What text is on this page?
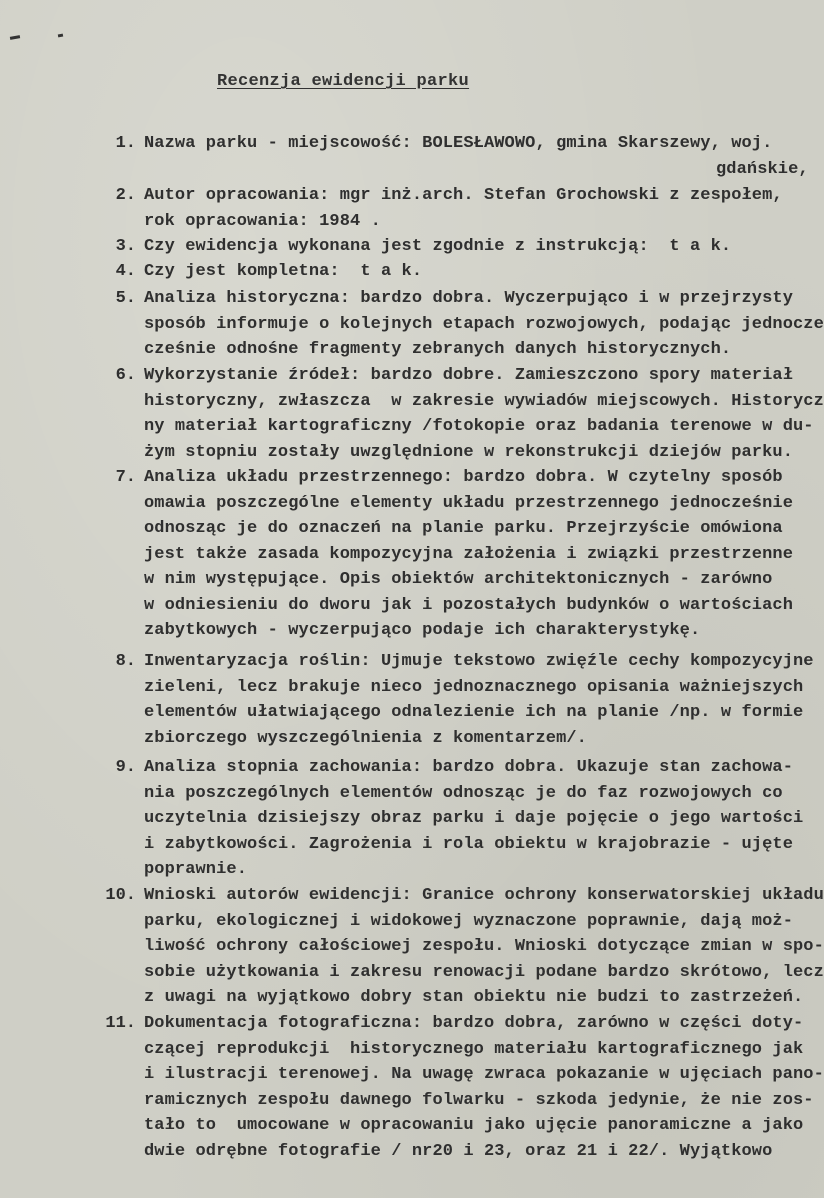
Recenzja ewidencji parku
1. Nazwa parku - miejscowość: BOLESŁAWOWO, gmina Skarszewy, woj.
gdańskie,
2. Autor opracowania: mgr inż.arch. Stefan Grochowski z zespołem,
rok opracowania: 1984 .
3. Czy ewidencja wykonana jest zgodnie z instrukcją:  t a k.
4. Czy jest kompletna:  t a k.
5. Analiza historyczna: bardzo dobra. Wyczerpująco i w przejrzysty
sposób informuje o kolejnych etapach rozwojowych, podając jednocze
cześnie odnośne fragmenty zebranych danych historycznych.
6. Wykorzystanie źródeł: bardzo dobre. Zamieszczono spory materiał
historyczny, zwłaszcza  w zakresie wywiadów miejscowych. Historycz
ny materiał kartograficzny /fotokopie oraz badania terenowe w du-
żym stopniu zostały uwzględnione w rekonstrukcji dziejów parku.
7. Analiza układu przestrzennego: bardzo dobra. W czytelny sposób
omawia poszczególne elementy układu przestrzennego jednocześnie
odnosząc je do oznaczeń na planie parku. Przejrzyście omówiona
jest także zasada kompozycyjna założenia i związki przestrzenne
w nim występujące. Opis obiektów architektonicznych - zarówno
w odniesieniu do dworu jak i pozostałych budynków o wartościach
zabytkowych - wyczerpująco podaje ich charakterystykę.
8. Inwentaryzacja roślin: Ujmuje tekstowo zwięźle cechy kompozycyjne
zieleni, lecz brakuje nieco jednoznacznego opisania ważniejszych
elementów ułatwiającego odnalezienie ich na planie /np. w formie
zbiorczego wyszczególnienia z komentarzem/.
9. Analiza stopnia zachowania: bardzo dobra. Ukazuje stan zachowa-
nia poszczególnych elementów odnosząc je do faz rozwojowych co
uczytelnia dzisiejszy obraz parku i daje pojęcie o jego wartości
i zabytkowości. Zagrożenia i rola obiektu w krajobrazie - ujęte
poprawnie.
10. Wnioski autorów ewidencji: Granice ochrony konserwatorskiej układu
parku, ekologicznej i widokowej wyznaczone poprawnie, dają moż-
liwość ochrony całościowej zespołu. Wnioski dotyczące zmian w spo-
sobie użytkowania i zakresu renowacji podane bardzo skrótowo, lecz
z uwagi na wyjątkowo dobry stan obiektu nie budzi to zastrzeżeń.
11. Dokumentacja fotograficzna: bardzo dobra, zarówno w części doty-
czącej reprodukcji  historycznego materiału kartograficznego jak
i ilustracji terenowej. Na uwagę zwraca pokazanie w ujęciach pano-
ramicznych zespołu dawnego folwarku - szkoda jedynie, że nie zos-
tało to  umocowane w opracowaniu jako ujęcie panoramiczne a jako
dwie odrębne fotografie / nr20 i 23, oraz 21 i 22/. Wyjątkowo
